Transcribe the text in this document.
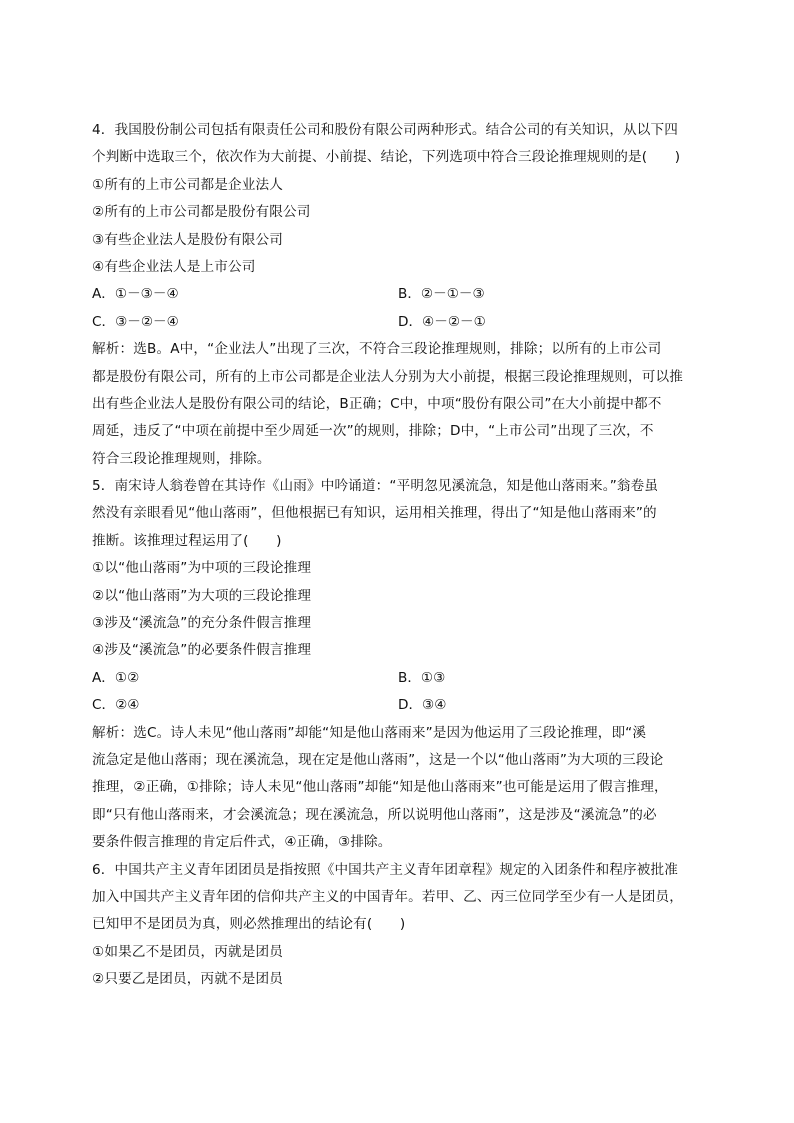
4．我国股份制公司包括有限责任公司和股份有限公司两种形式。结合公司的有关知识，从以下四
个判断中选取三个，依次作为大前提、小前提、结论，下列选项中符合三段论推理规则的是(　　)
①所有的上市公司都是企业法人
②所有的上市公司都是股份有限公司
③有些企业法人是股份有限公司
④有些企业法人是上市公司
A．①－③－④	B．②－①－③
C．③－②－④	D．④－②－①
解析：选B。A中，“企业法人”出现了三次，不符合三段论推理规则，排除；以所有的上市公司
都是股份有限公司，所有的上市公司都是企业法人分别为大小前提，根据三段论推理规则，可以推
出有些企业法人是股份有限公司的结论，B正确；C中，中项“股份有限公司”在大小前提中都不
周延，违反了“中项在前提中至少周延一次”的规则，排除；D中，“上市公司”出现了三次，不
符合三段论推理规则，排除。
5．南宋诗人翁卷曾在其诗作《山雨》中吟诵道：“平明忽见溪流急，知是他山落雨来。”翁卷虽
然没有亲眼看见“他山落雨”，但他根据已有知识，运用相关推理，得出了“知是他山落雨来”的
推断。该推理过程运用了(　　)
①以“他山落雨”为中项的三段论推理
②以“他山落雨”为大项的三段论推理
③涉及“溪流急”的充分条件假言推理
④涉及“溪流急”的必要条件假言推理
A．①②	B．①③
C．②④	D．③④
解析：选C。诗人未见“他山落雨”却能“知是他山落雨来”是因为他运用了三段论推理，即“溪
流急定是他山落雨；现在溪流急，现在定是他山落雨”，这是一个以“他山落雨”为大项的三段论
推理，②正确，①排除；诗人未见“他山落雨”却能“知是他山落雨来”也可能是运用了假言推理，
即“只有他山落雨来，才会溪流急；现在溪流急，所以说明他山落雨”，这是涉及“溪流急”的必
要条件假言推理的肯定后件式，④正确，③排除。
6．中国共产主义青年团团员是指按照《中国共产主义青年团章程》规定的入团条件和程序被批准
加入中国共产主义青年团的信仰共产主义的中国青年。若甲、乙、丙三位同学至少有一人是团员，
已知甲不是团员为真，则必然推理出的结论有(　　)
①如果乙不是团员，丙就是团员
②只要乙是团员，丙就不是团员
